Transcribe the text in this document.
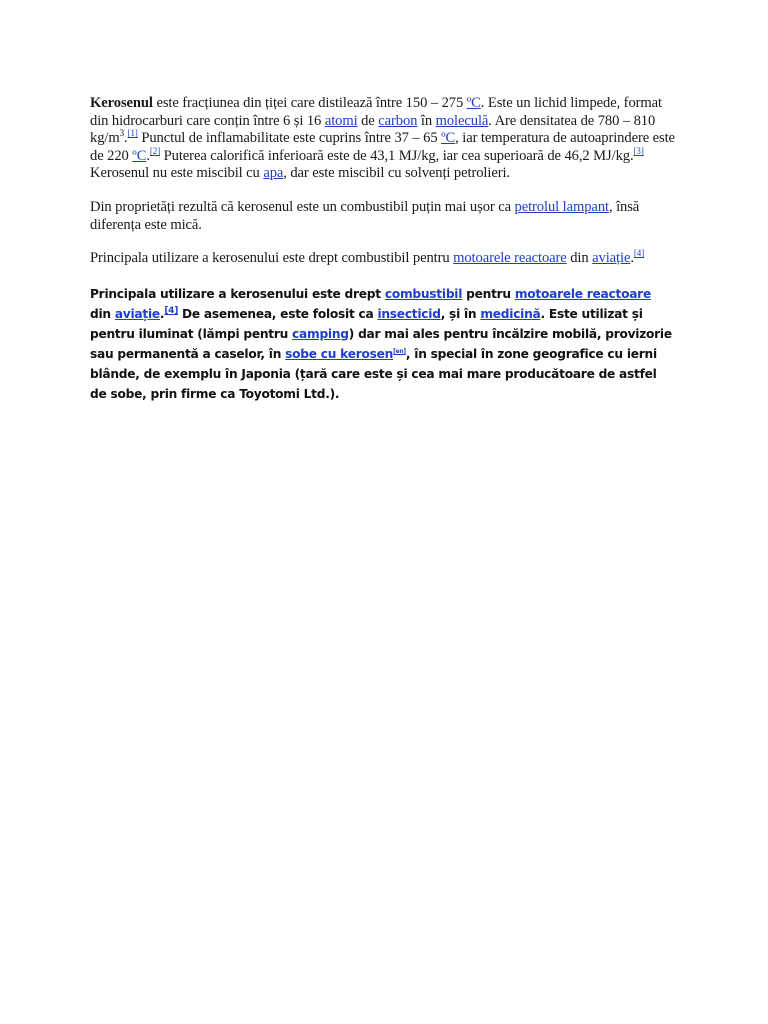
Kerosenul este fracțiunea din țiței care distilează între 150 – 275 ºC. Este un lichid limpede, format din hidrocarburi care conțin între 6 și 16 atomi de carbon în moleculă. Are densitatea de 780 – 810 $kg/m^3.[1]$ Punctul de inflamabilitate este cuprins între 37 – 65 ºC, iar temperatura de autoaprindere este de 220 ºC.[2] Puterea calorifică inferioară este de 43,1 MJ/kg, iar cea superioară de 46,2 MJ/kg.[3] Kerosenul nu este miscibil cu apa, dar este miscibil cu solvenți petrolieri.

Din proprietăți rezultă că kerosenul este un combustibil puțin mai ușor ca petrolul lampant, însă diferența este mică.

Principala utilizare a kerosenului este drept combustibil pentru motoarele reactoare din aviație.[4]

Principala utilizare a kerosenului este drept combustibil pentru motoarele reactoare din aviație.[4] De asemenea, este folosit ca insecticid, și în medicină. Este utilizat și pentru iluminat (lămpi pentru camping) dar mai ales pentru încălzire mobilă, provizorie sau permanentă a caselor, în sobe cu kerosen[en], în special în zone geografice cu ierni blânde, de exemplu în Japonia (țară care este și cea mai mare producătoare de astfel de sobe, prin firme ca Toyotomi Ltd.).
